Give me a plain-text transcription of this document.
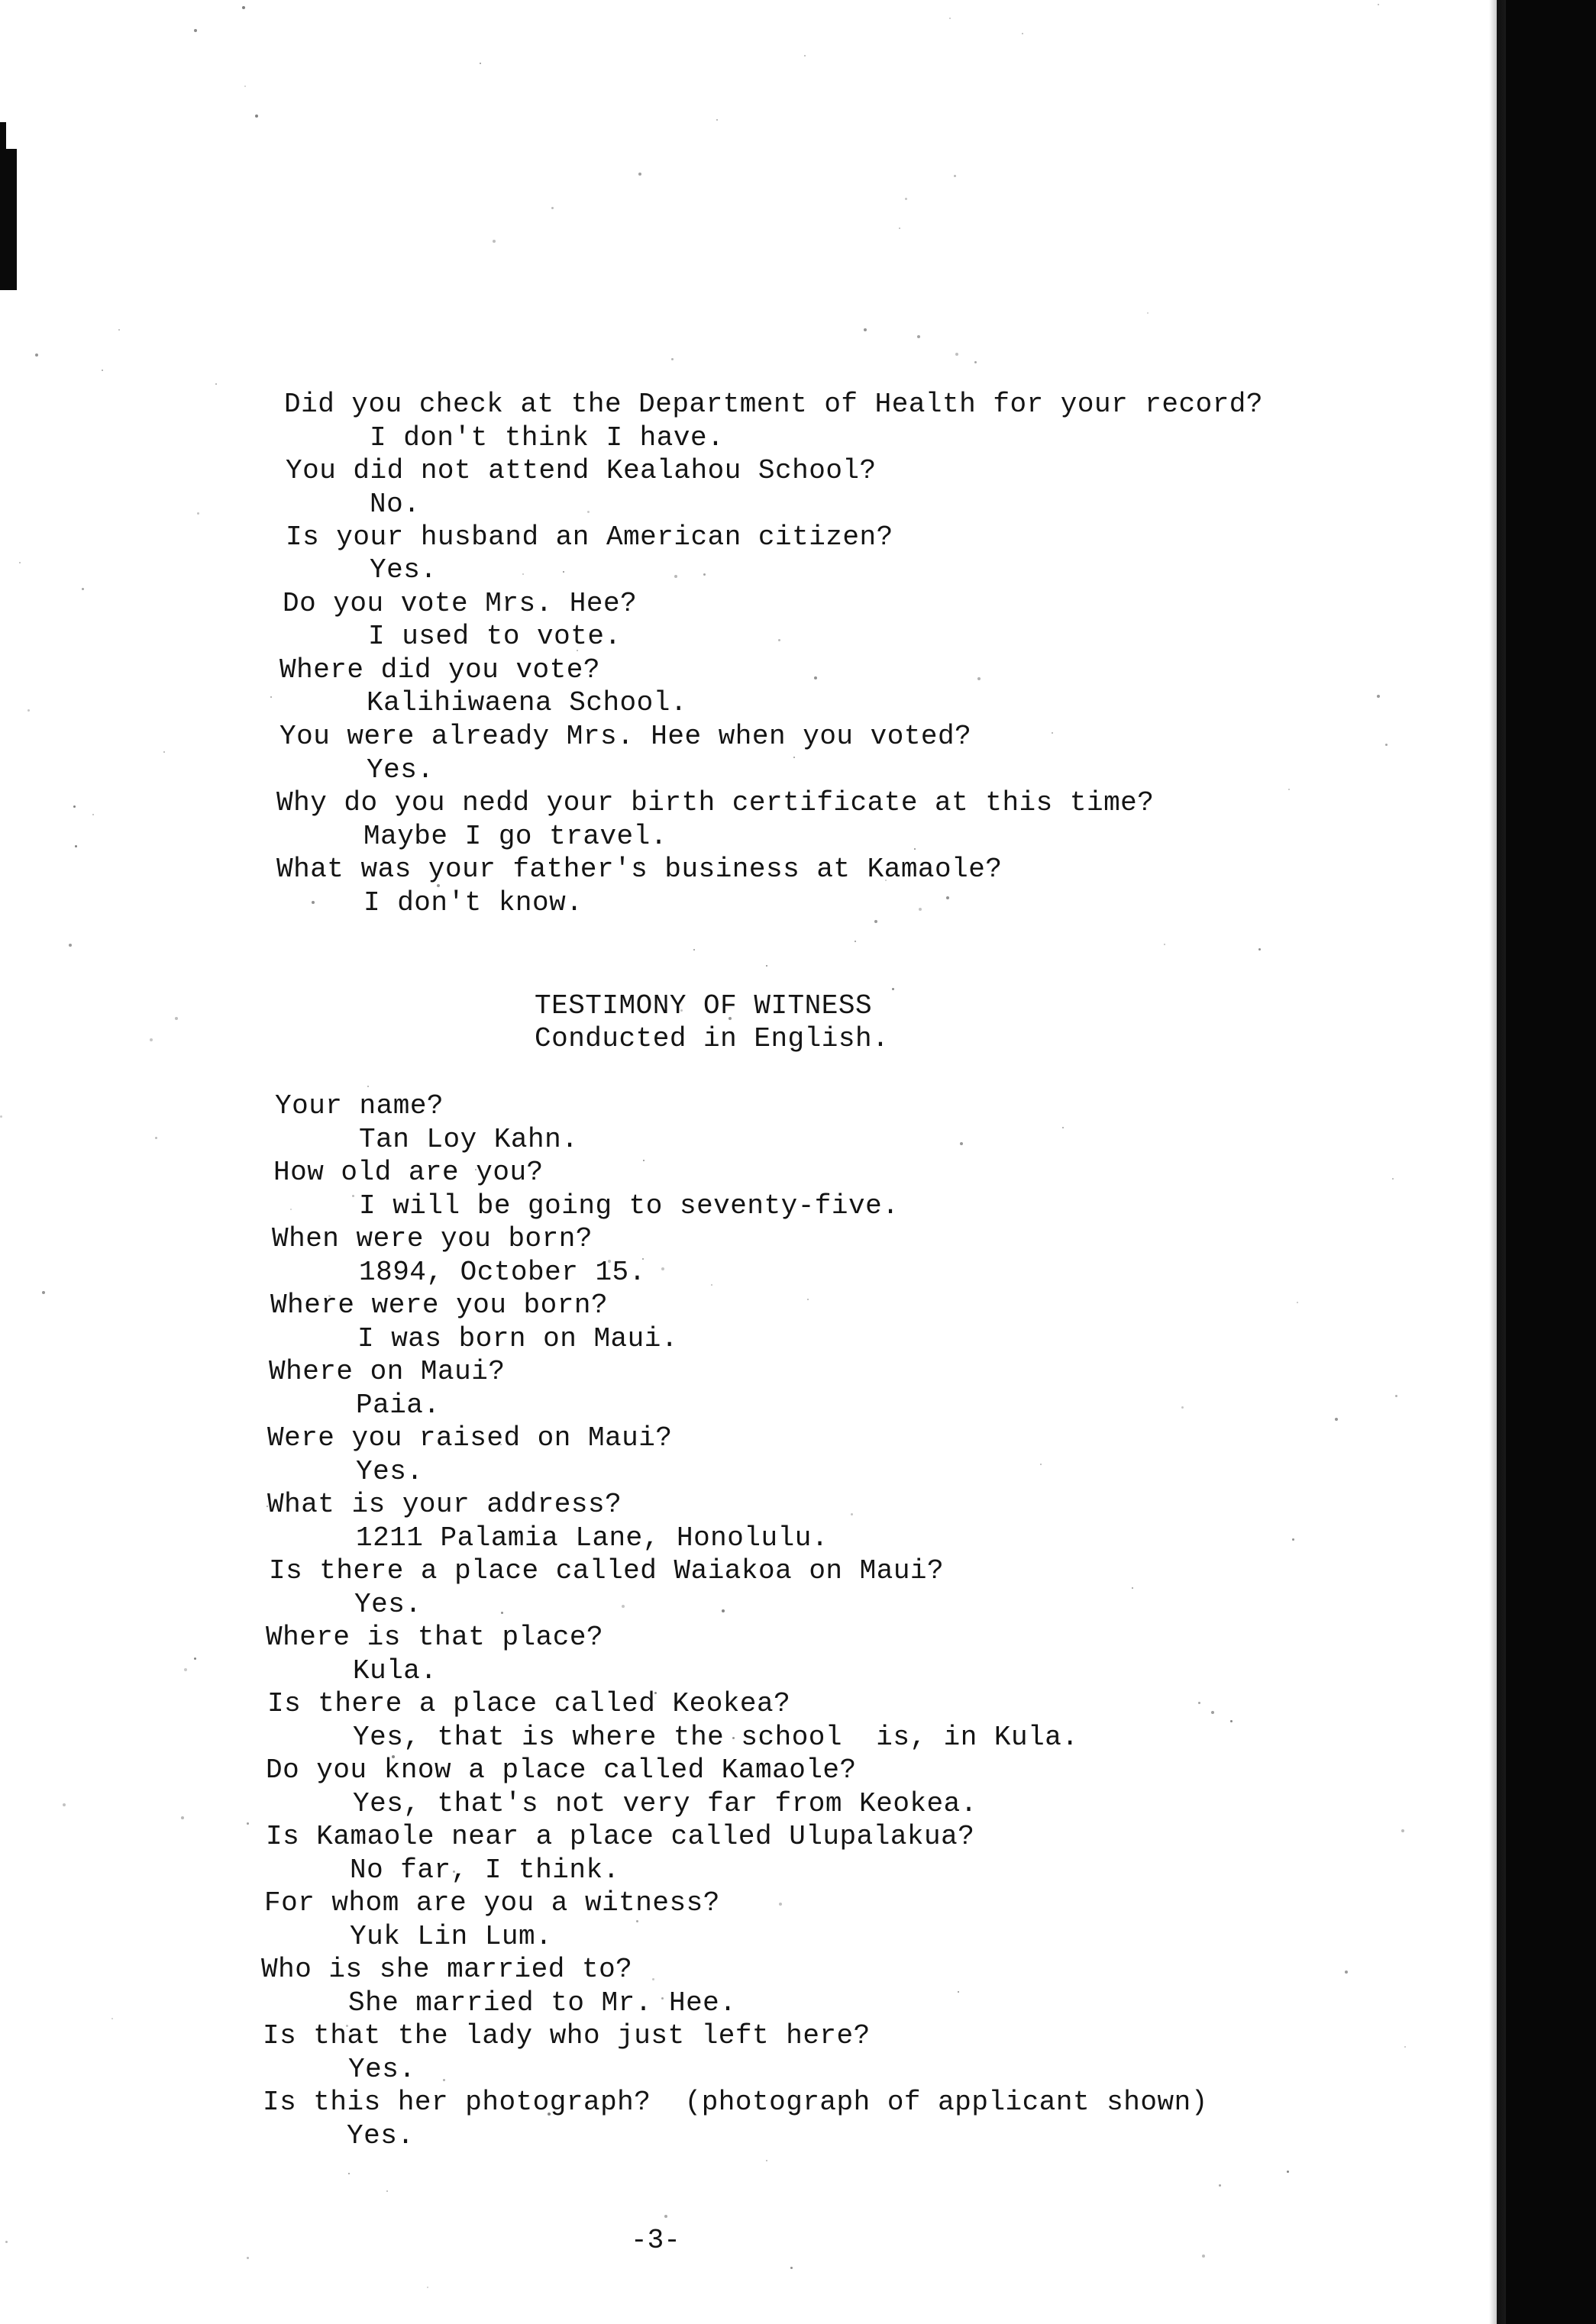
Did you check at the Department of Health for your record?
I don't think I have.
You did not attend Kealahou School?
No.
Is your husband an American citizen?
Yes.
Do you vote Mrs. Hee?
I used to vote.
Where did you vote?
Kalihiwaena School.
You were already Mrs. Hee when you voted?
Yes.
Why do you nedd your birth certificate at this time?
Maybe I go travel.
What was your father's business at Kamaole?
I don't know.
TESTIMONY OF WITNESS
Conducted in English.
Your name?
Tan Loy Kahn.
How old are you?
I will be going to seventy-five.
When were you born?
1894, October 15.
Where were you born?
I was born on Maui.
Where on Maui?
Paia.
Were you raised on Maui?
Yes.
What is your address?
1211 Palamia Lane, Honolulu.
Is there a place called Waiakoa on Maui?
Yes.
Where is that place?
Kula.
Is there a place called Keokea?
Yes, that is where the school  is, in Kula.
Do you know a place called Kamaole?
Yes, that's not very far from Keokea.
Is Kamaole near a place called Ulupalakua?
No far, I think.
For whom are you a witness?
Yuk Lin Lum.
Who is she married to?
She married to Mr. Hee.
Is that the lady who just left here?
Yes.
Is this her photograph?  (photograph of applicant shown)
Yes.
-3-
